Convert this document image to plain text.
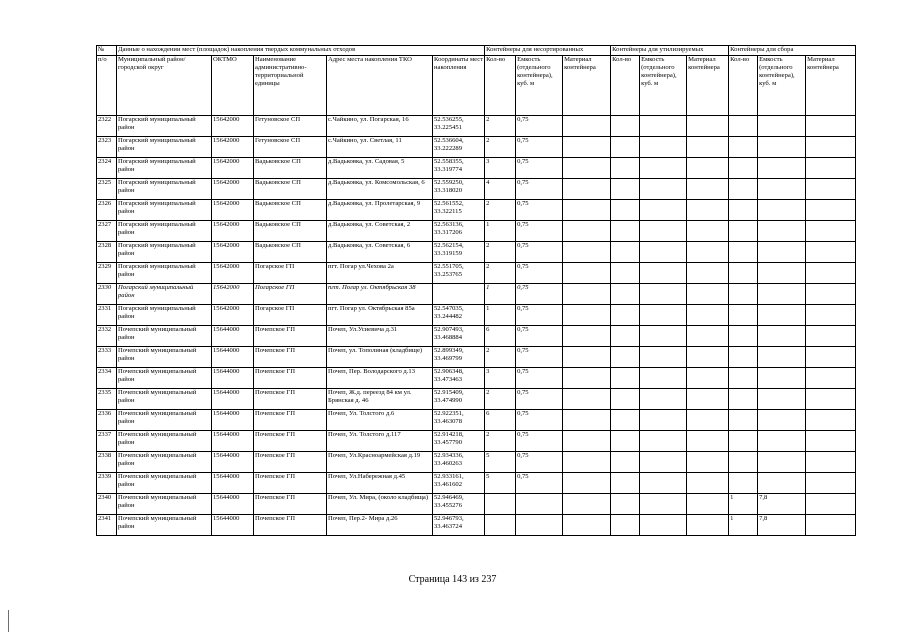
№	Данные о нахождении мест (площадок) накопления твердых коммунальных отходов					Контейнеры для несортированных			Контейнеры для утилизируемых			Контейнеры для сбора		
п/о	Муниципальный район/городской округ	ОКТМО	Наименование административно-территориальной единицы	Адрес места накопления ТКО	Координаты мест накопления	Кол-во	Емкость (отдельного контейнера), куб. м	Материал контейнера	Кол-во	Емкость (отдельного контейнера), куб. м	Материал контейнера	Кол-во	Емкость (отдельного контейнера), куб. м	Материал контейнера
2322	Погарский муниципальный район	15642000	Гетуновское СП	с.Чайкино, ул. Погарская, 16	52.536255, 33.225451	2	0,75							
2323	Погарский муниципальный район	15642000	Гетуновское СП	с.Чайкино, ул. Светлая, 11	52.536604, 33.222289	2	0,75							
2324	Погарский муниципальный район	15642000	Вадьковское СП	д.Вадьковка, ул. Садовая, 5	52.558355, 33.319774	3	0,75							
2325	Погарский муниципальный район	15642000	Вадьковское СП	д.Вадьковка, ул. Комсомольская, 6	52.559250, 33.318020	4	0,75							
2326	Погарский муниципальный район	15642000	Вадьковское СП	д.Вадьковка, ул. Пролетарская, 9	52.561552, 33.322115	2	0,75							
2327	Погарский муниципальный район	15642000	Вадьковское СП	д.Вадьковка, ул. Советская, 2	52.563136, 33.317206	1	0,75							
2328	Погарский муниципальный район	15642000	Вадьковское СП	д.Вадьковка, ул. Советская, 6	52.562154, 33.319159	2	0,75							
2329	Погарский муниципальный район	15642000	Погарское ГП	пгт. Погар ул.Чехова 2а	52.551705, 33.253765	2	0,75							
2330	Погарский муниципальный район	15642000	Погарское ГП	пгт. Погар ул. Октябрьская 38		1	0,75							
2331	Погарский муниципальный район	15642000	Погарское ГП	пгт. Погар ул. Октябрьская 85а	52.547035, 33.244482	1	0,75							
2332	Почепский муниципальный район	15644000	Почепское ГП	Почеп, Ул.Усиевича д.31	52.907493, 33.468884	6	0,75							
2333	Почепский муниципальный район	15644000	Почепское ГП	Почеп, ул. Тополиная (кладбище)	52.899349, 33.469799	2	0,75							
2334	Почепский муниципальный район	15644000	Почепское ГП	Почеп, Пер. Володарского д.13	52.906348, 33.473463	3	0,75							
2335	Почепский муниципальный район	15644000	Почепское ГП	Почеп, Ж.д. переезд 84 км ул. Брянская д. 46	52.915409, 33.474990	2	0,75							
2336	Почепский муниципальный район	15644000	Почепское ГП	Почеп, Ул. Толстого д.6	52.922351, 33.463078	6	0,75							
2337	Почепский муниципальный район	15644000	Почепское ГП	Почеп, Ул. Толстого д.117	52.914218, 33.457790	2	0,75							
2338	Почепский муниципальный район	15644000	Почепское ГП	Почеп, Ул.Красноармейская д.19	52.934336, 33.460263	5	0,75							
2339	Почепский муниципальный район	15644000	Почепское ГП	Почеп, Ул.Набережная д.45	52.933161, 33.461602	5	0,75							
2340	Почепский муниципальный район	15644000	Почепское ГП	Почеп, Ул. Мира, (около кладбища)	52.946469, 33.455276							1	7,8	
2341	Почепский муниципальный район	15644000	Почепское ГП	Почеп, Пер.2- Мира д.26	52.946793, 33.463724							1	7,8	
Страница 143 из 237
